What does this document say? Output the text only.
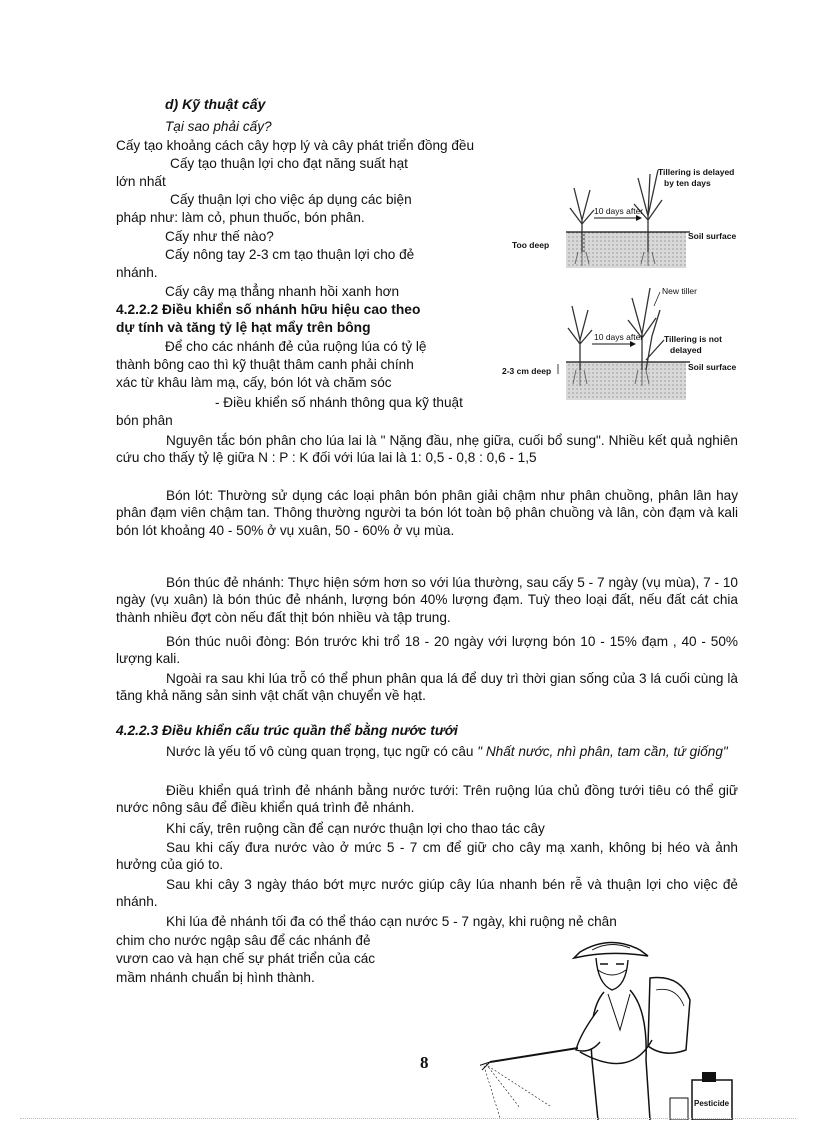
d) Kỹ thuật cấy
Tại sao phải cấy?
Cấy tạo khoảng cách cây hợp lý và cây phát triển đồng đều
Cấy tạo thuận lợi cho đạt năng suất hạt
lớn nhất
Cấy thuận lợi cho việc áp dụng các biện
pháp như: làm cỏ, phun thuốc, bón phân.
Cấy như thế nào?
Cấy nông tay 2-3 cm tạo thuận lợi cho đẻ
nhánh.
Cấy cây mạ thẳng nhanh hồi xanh hơn
4.2.2.2 Điều khiển số nhánh hữu hiệu cao theo
dự tính và tăng tỷ lệ hạt mẩy trên bông
Để cho các nhánh đẻ của ruộng lúa có tỷ lệ
thành bông cao thì kỹ thuật thâm canh phải chính
xác từ khâu làm mạ, cấy, bón lót và chăm sóc
- Điều khiển số nhánh thông qua kỹ thuật
bón phân
Nguyên tắc bón phân cho lúa lai là " Nặng đầu, nhẹ giữa, cuối bổ sung". Nhiều kết quả nghiên cứu cho thấy tỷ lệ giữa N : P : K đối với lúa lai là 1: 0,5 - 0,8 : 0,6 - 1,5
Bón lót: Thường sử dụng các loại phân bón phân giải chậm như phân chuồng, phân lân hay phân đạm viên chậm tan. Thông thường người ta bón lót toàn bộ phân chuồng và lân, còn đạm và kali bón lót khoảng 40 - 50% ở vụ xuân, 50 - 60% ở vụ mùa.
Bón thúc đẻ nhánh: Thực hiện sớm hơn so với lúa thường, sau cấy 5 - 7 ngày (vụ mùa), 7 - 10 ngày (vụ xuân) là bón thúc đẻ nhánh, lượng bón 40% lượng đạm. Tuỳ theo loại đất, nếu đất cát chia thành nhiều đợt còn nếu đất thịt bón nhiều và tập trung.
Bón thúc nuôi đòng: Bón trước khi trổ 18 - 20 ngày với lượng bón 10 - 15% đạm , 40 - 50% lượng kali.
Ngoài ra sau khi lúa trỗ có thể phun phân qua lá để duy trì thời gian sống của 3 lá cuối cùng là tăng khả năng sản sinh vật chất vận chuyển về hạt.
4.2.2.3 Điều khiển cấu trúc quần thể bằng nước tưới
Nước là yếu tố vô cùng quan trọng, tục ngữ có câu " Nhất nước, nhì phân, tam cần, tứ giống"
Điều khiển quá trình đẻ nhánh bằng nước tưới: Trên ruộng lúa chủ đồng tưới tiêu có thể giữ nước nông sâu để điều khiển quá trình đẻ nhánh.
Khi cấy, trên ruộng cần để cạn nước thuận lợi cho thao tác cây
Sau khi cấy đưa nước vào ở mức 5 - 7 cm để giữ cho cây mạ xanh, không bị héo và ảnh hưởng của gió to.
Sau khi cây 3 ngày tháo bớt mực nước giúp cây lúa nhanh bén rễ và thuận lợi cho việc đẻ nhánh.
Khi lúa đẻ nhánh tối đa có thể tháo cạn nước 5 - 7 ngày, khi ruộng nẻ chân
chim cho nước ngập sâu để các nhánh đẻ
vươn cao và hạn chế sự phát triển của các
mầm nhánh chuẩn bị hình thành.
10 days after
Tillering is delayed
by ten days
Too deep
Soil surface
10 days after
New tiller
Tillering is not
delayed
2-3 cm deep	Soil surface
Pesticide
8
